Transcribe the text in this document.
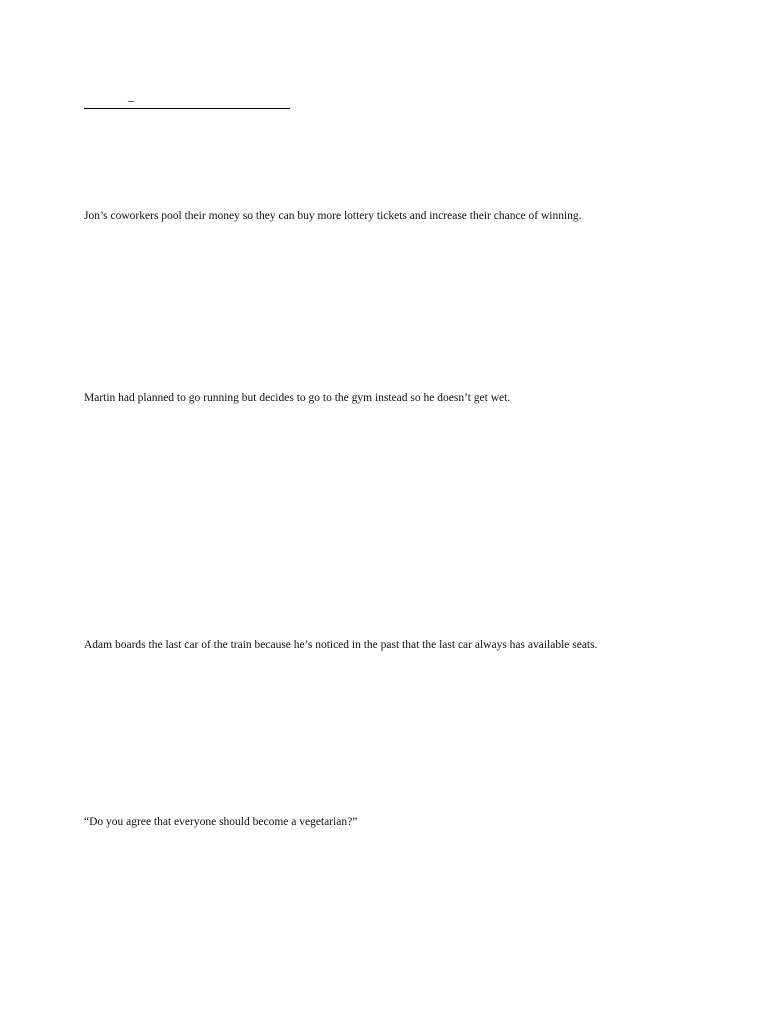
_

Jon’s coworkers pool their money so they can buy more lottery tickets and increase their chance of winning.

Martin had planned to go running but decides to go to the gym instead so he doesn’t get wet.

Adam boards the last car of the train because he’s noticed in the past that the last car always has available seats.

“Do you agree that everyone should become a vegetarian?”
